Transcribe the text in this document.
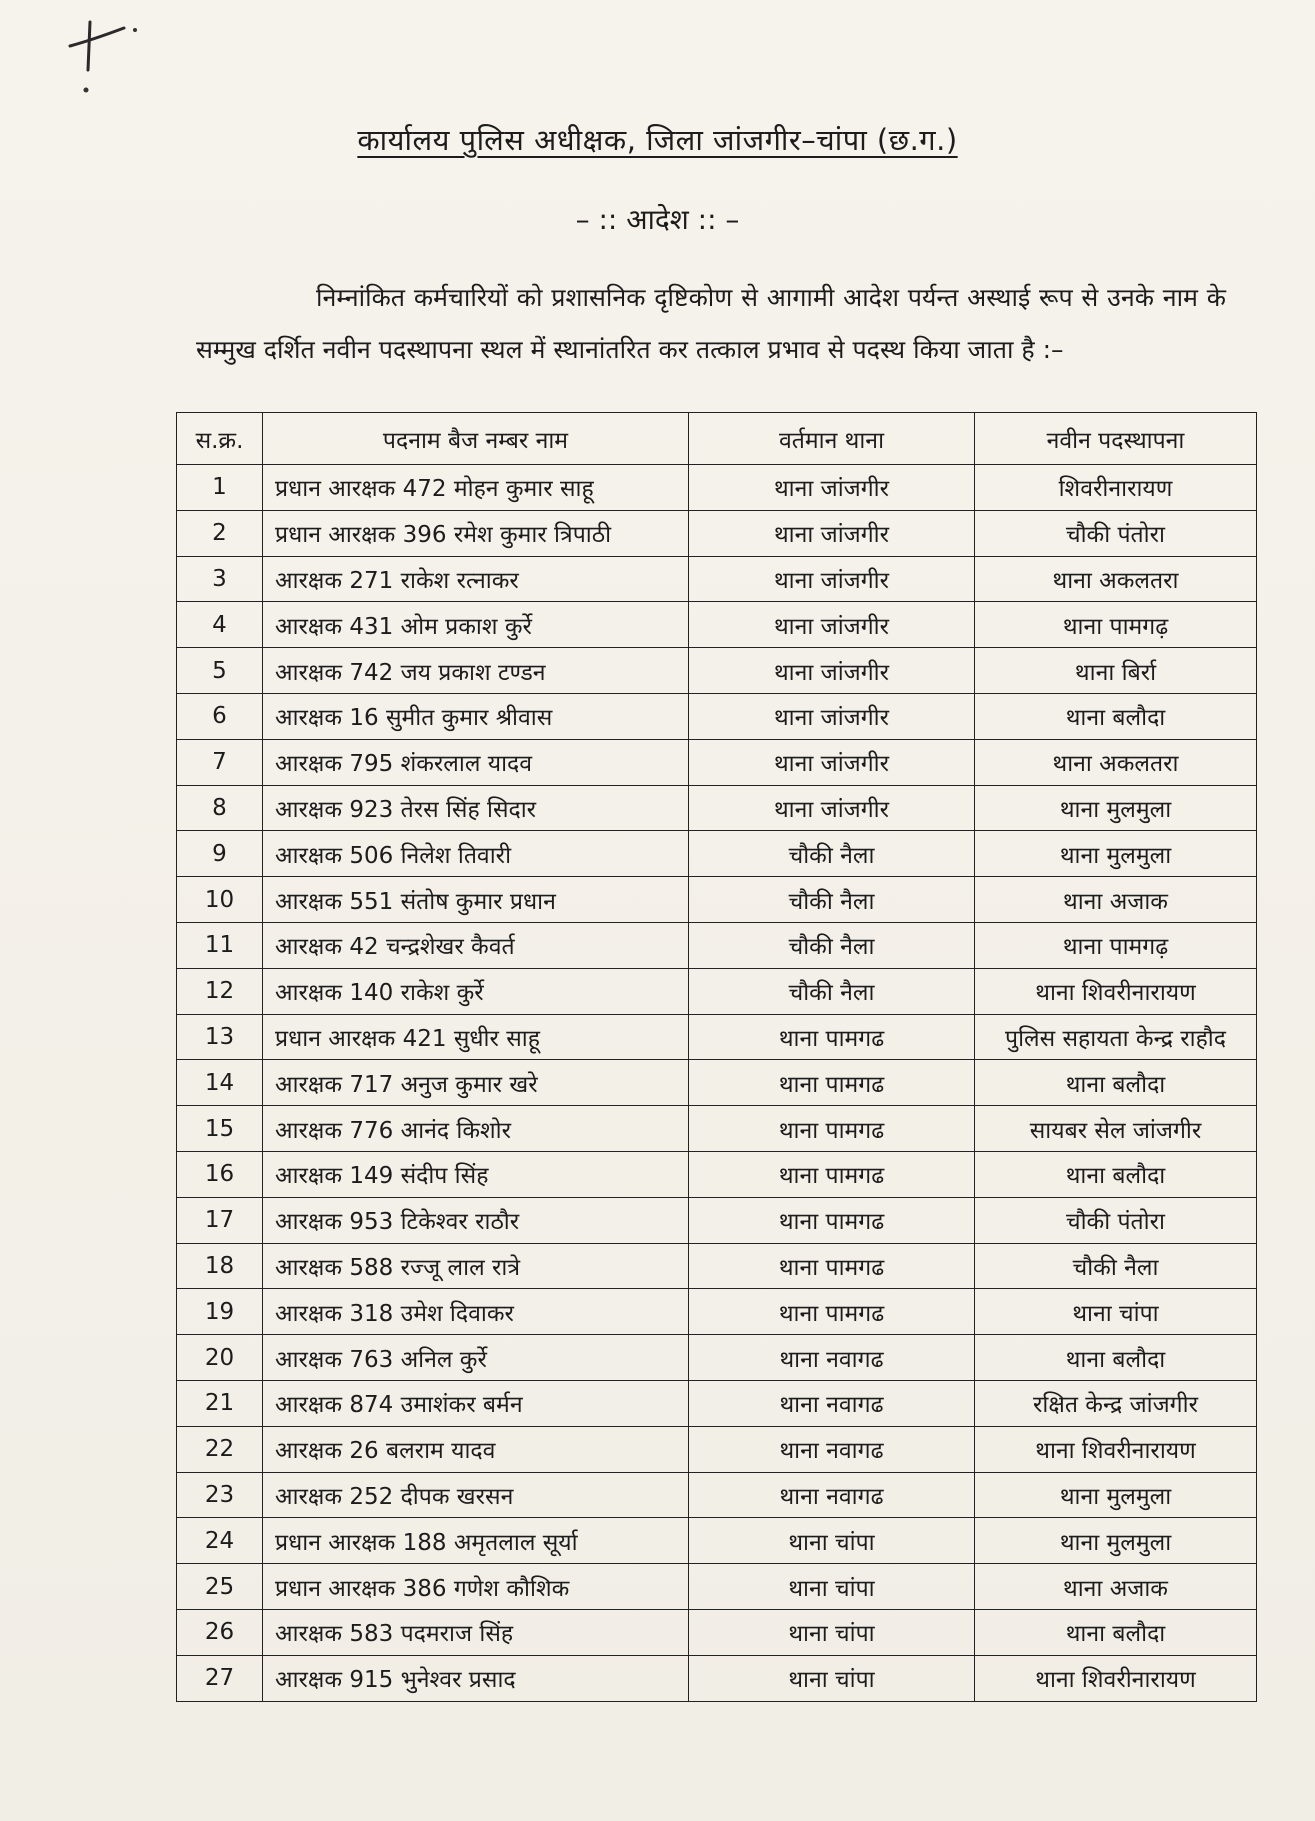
कार्यालय पुलिस अधीक्षक, जिला जांजगीर–चांपा (छ.ग.)
– :: आदेश :: –
निम्नांकित कर्मचारियों को प्रशासनिक दृष्टिकोण से आगामी आदेश पर्यन्त अस्थाई रूप से उनके नाम के सम्मुख दर्शित नवीन पदस्थापना स्थल में स्थानांतरित कर तत्काल प्रभाव से पदस्थ किया जाता है :–
स.क्र.	पदनाम बैज नम्बर नाम	वर्तमान थाना	नवीन पदस्थापना
1	प्रधान आरक्षक 472 मोहन कुमार साहू	थाना जांजगीर	शिवरीनारायण
2	प्रधान आरक्षक 396 रमेश कुमार त्रिपाठी	थाना जांजगीर	चौकी पंतोरा
3	आरक्षक 271 राकेश रत्नाकर	थाना जांजगीर	थाना अकलतरा
4	आरक्षक 431 ओम प्रकाश कुर्रे	थाना जांजगीर	थाना पामगढ़
5	आरक्षक 742 जय प्रकाश टण्डन	थाना जांजगीर	थाना बिर्रा
6	आरक्षक 16 सुमीत कुमार श्रीवास	थाना जांजगीर	थाना बलौदा
7	आरक्षक 795 शंकरलाल यादव	थाना जांजगीर	थाना अकलतरा
8	आरक्षक 923 तेरस सिंह सिदार	थाना जांजगीर	थाना मुलमुला
9	आरक्षक 506 निलेश तिवारी	चौकी नैला	थाना मुलमुला
10	आरक्षक 551 संतोष कुमार प्रधान	चौकी नैला	थाना अजाक
11	आरक्षक 42 चन्द्रशेखर कैवर्त	चौकी नैला	थाना पामगढ़
12	आरक्षक 140 राकेश कुर्रे	चौकी नैला	थाना शिवरीनारायण
13	प्रधान आरक्षक 421 सुधीर साहू	थाना पामगढ	पुलिस सहायता केन्द्र राहौद
14	आरक्षक 717 अनुज कुमार खरे	थाना पामगढ	थाना बलौदा
15	आरक्षक 776 आनंद किशोर	थाना पामगढ	सायबर सेल जांजगीर
16	आरक्षक 149 संदीप सिंह	थाना पामगढ	थाना बलौदा
17	आरक्षक 953 टिकेश्वर राठौर	थाना पामगढ	चौकी पंतोरा
18	आरक्षक 588 रज्जू लाल रात्रे	थाना पामगढ	चौकी नैला
19	आरक्षक 318 उमेश दिवाकर	थाना पामगढ	थाना चांपा
20	आरक्षक 763 अनिल कुर्रे	थाना नवागढ	थाना बलौदा
21	आरक्षक 874 उमाशंकर बर्मन	थाना नवागढ	रक्षित केन्द्र जांजगीर
22	आरक्षक 26 बलराम यादव	थाना नवागढ	थाना शिवरीनारायण
23	आरक्षक 252 दीपक खरसन	थाना नवागढ	थाना मुलमुला
24	प्रधान आरक्षक 188 अमृतलाल सूर्या	थाना चांपा	थाना मुलमुला
25	प्रधान आरक्षक 386 गणेश कौशिक	थाना चांपा	थाना अजाक
26	आरक्षक 583 पदमराज सिंह	थाना चांपा	थाना बलौदा
27	आरक्षक 915 भुनेश्वर प्रसाद	थाना चांपा	थाना शिवरीनारायण
